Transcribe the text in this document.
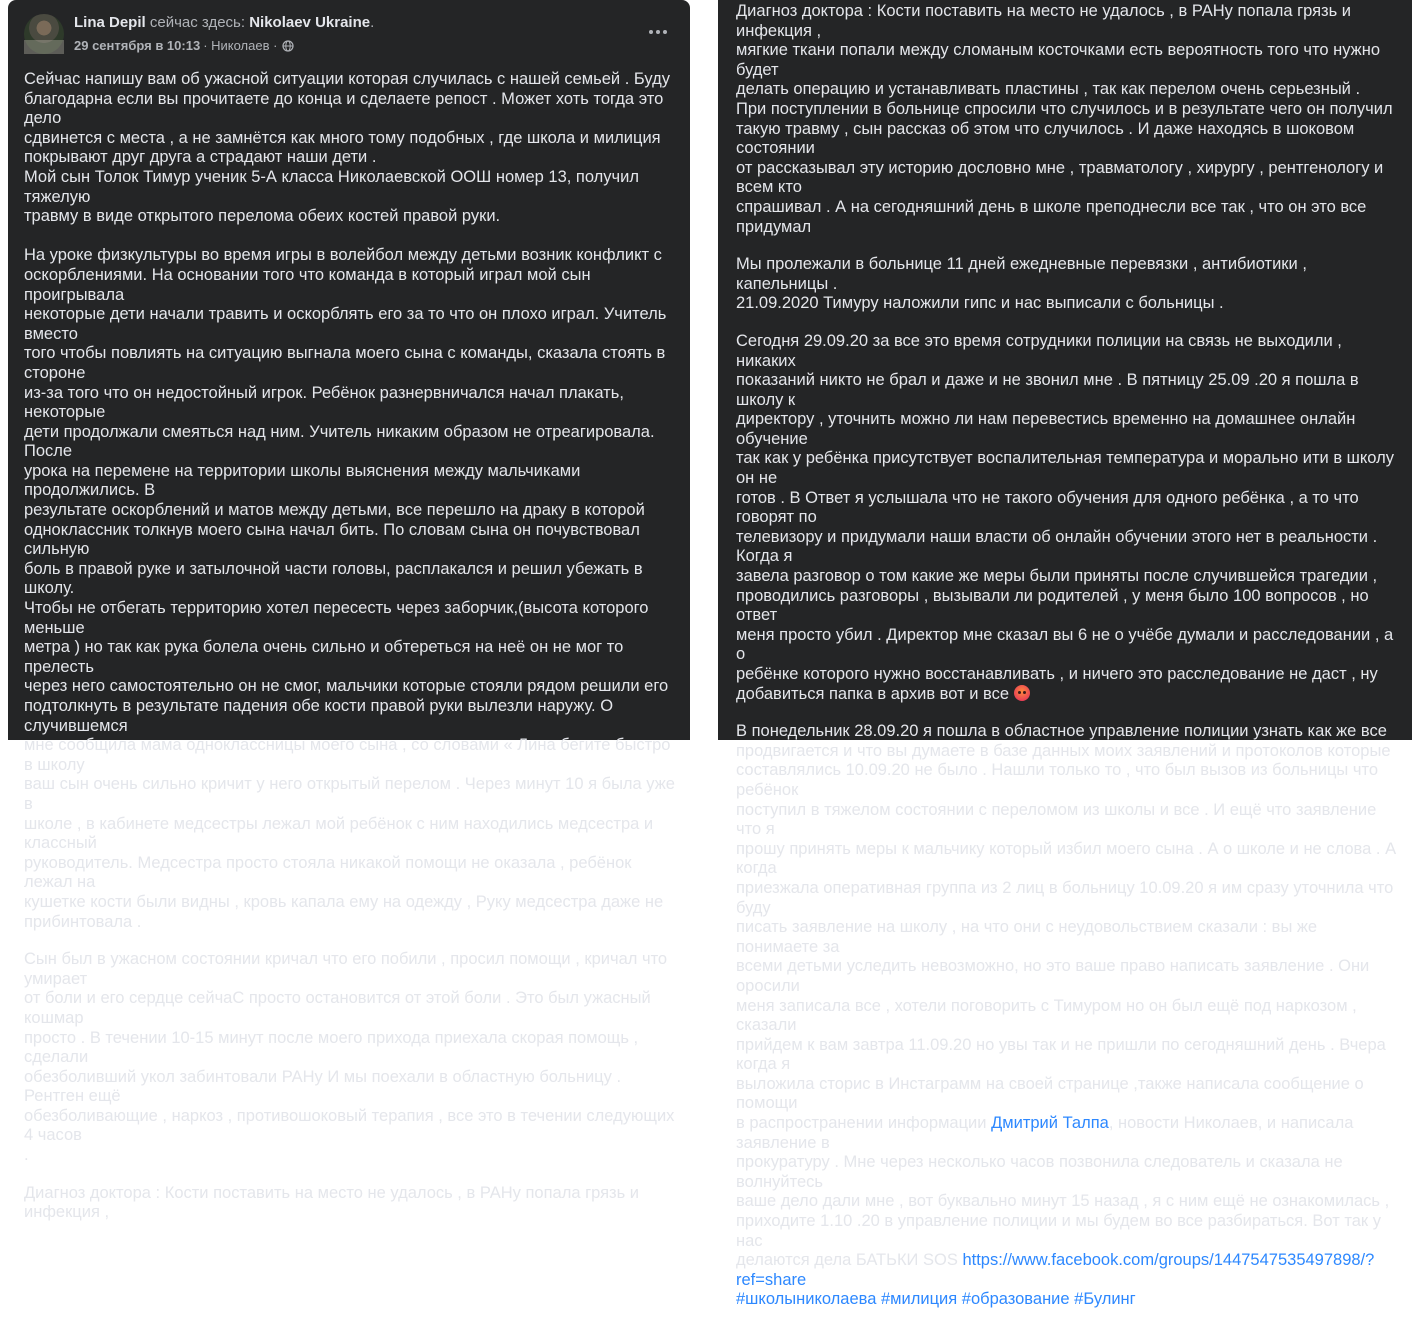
Lina Depil сейчас здесь: Nikolaev Ukraine.
29 сентября в 10:13 · Николаев ·

Сейчас напишу вам об ужасной ситуации которая случилась с нашей семьей . Буду
благодарна если вы прочитаете до конца и сделаете репост . Может хоть тогда это дело
сдвинется с места , а не замнётся как много тому подобных , где школа и милиция
покрывают друг друга а страдают наши дети .
Мой сын Толок Тимур ученик 5-А класса Николаевской ООШ номер 13, получил тяжелую
травму в виде открытого перелома обеих костей правой руки.

На уроке физкультуры во время игры в волейбол между детьми возник конфликт с
оскорблениями. На основании того что команда в который играл мой сын проигрывала
некоторые дети начали травить и оскорблять его за то что он плохо играл. Учитель вместо
того чтобы повлиять на ситуацию выгнала моего сына с команды, сказала стоять в стороне
из-за того что он недостойный игрок. Ребёнок разнервничался начал плакать, некоторые
дети продолжали смеяться над ним. Учитель никаким образом не отреагировала. После
урока на перемене на территории школы выяснения между мальчиками продолжились. В
результате оскорблений и матов между детьми, все перешло на драку в которой
одноклассник толкнув моего сына начал бить. По словам сына он почувствовал сильную
боль в правой руке и затылочной части головы, расплакался и решил убежать в школу.
Чтобы не отбегать территорию хотел пересесть через заборчик,(высота которого меньше
метра ) но так как рука болела очень сильно и обтереться на неё он не мог то прелесть
через него самостоятельно он не смог, мальчики которые стояли рядом решили его
подтолкнуть в результате падения обе кости правой руки вылезли наружу. О случившемся
мне сообщила мама одноклассницы моего сына , со словами « Лина бегите быстро в школу
ваш сын очень сильно кричит у него открытый перелом . Через минут 10 я была уже в
школе , в кабинете медсестры лежал мой ребёнок с ним находились медсестра и классный
руководитель. Медсестра просто стояла никакой помощи не оказала , ребёнок лежал на
кушетке кости были видны , кровь капала ему на одежду , Руку медсестра даже не
прибинтовала .

Сын был в ужасном состоянии кричал что его побили , просил помощи , кричал что умирает
от боли и его сердце сейчаС просто остановится от этой боли . Это был ужасный кошмар
просто . В течении 10-15 минут после моего прихода приехала скорая помощь , сделали
обезболивший укол забинтовали РАНу И мы поехали в областную больницу . Рентген ещё
обезболивающие , наркоз , противошоковый терапия , все это в течении следующих 4 часов
.

Диагноз доктора : Кости поставить на место не удалось , в РАНу попала грязь и инфекция ,

Диагноз доктора : Кости поставить на место не удалось , в РАНу попала грязь и инфекция ,
мягкие ткани попали между сломаным косточками есть вероятность того что нужно будет
делать операцию и устанавливать пластины , так как перелом очень серьезный .
При поступлении в больнице спросили что случилось и в результате чего он получил
такую травму , сын рассказ об этом что случилось . И даже находясь в шоковом состоянии
от рассказывал эту историю дословно мне , травматологу , хирургу , рентгенологу и всем кто
спрашивал . А на сегодняшний день в школе преподнесли все так , что он это все придумал

Мы пролежали в больнице 11 дней ежедневные перевязки , антибиотики , капельницы .
21.09.2020 Тимуру наложили гипс и нас выписали с больницы .

Сегодня 29.09.20 за все это время сотрудники полиции на связь не выходили , никаких
показаний никто не брал и даже и не звонил мне . В пятницу 25.09 .20 я пошла в школу к
директору , уточнить можно ли нам перевестись временно на домашнее онлайн обучение
так как у ребёнка присутствует воспалительная температура и морально ити в школу он не
готов . В Ответ я услышала что не такого обучения для одного ребёнка , а то что говорят по
телевизору и придумали наши власти об онлайн обучении этого нет в реальности . Когда я
завела разговор о том какие же меры были приняты после случившейся трагедии ,
проводились разговоры , вызывали ли родителей , у меня было 100 вопросов , но ответ
меня просто убил . Директор мне сказал вы 6 не о учёбе думали и расследовании , а о
ребёнке которого нужно восстанавливать , и ничего это расследование не даст , ну
добавиться папка в архив вот и все

В понедельник 28.09.20 я пошла в областное управление полиции узнать как же все
продвигается и что вы думаете в базе данных моих заявлений и протоколов которые
составлялись 10.09.20 не было . Нашли только то , что был вызов из больницы что ребёнок
поступил в тяжелом состоянии с переломом из школы и все . И ещё что заявление что я
прошу принять меры к мальчику который избил моего сына . А о школе и не слова . А когда
приезжала оперативная группа из 2 лиц в больницу 10.09.20 я им сразу уточнила что буду
писать заявление на школу , на что они с неудовольствием сказали : вы же понимаете за
всеми детьми уследить невозможно, но это ваше право написать заявление . Они оросили
меня записала все , хотели поговорить с Тимуром но он был ещё под наркозом , сказали
прийдем к вам завтра 11.09.20 но увы так и не пришли по сегодняшний день . Вчера когда я
выложила сторис в Инстаграмм на своей странице ,также написала сообщение о помощи
в распространении информации Дмитрий Талпа, новости Николаев, и написала заявление в
прокуратуру . Мне через несколько часов позвонила следователь и сказала не волнуйтесь
ваше дело дали мне , вот буквально минут 15 назад , я с ним ещё не ознакомилась ,
приходите 1.10 .20 в управление полиции и мы будем во все разбираться. Вот так у нас
делаются дела БАТЬКИ SOS https://www.facebook.com/groups/1447547535497898/?ref=share
#школыниколаева #милиция #образование #Булинг
